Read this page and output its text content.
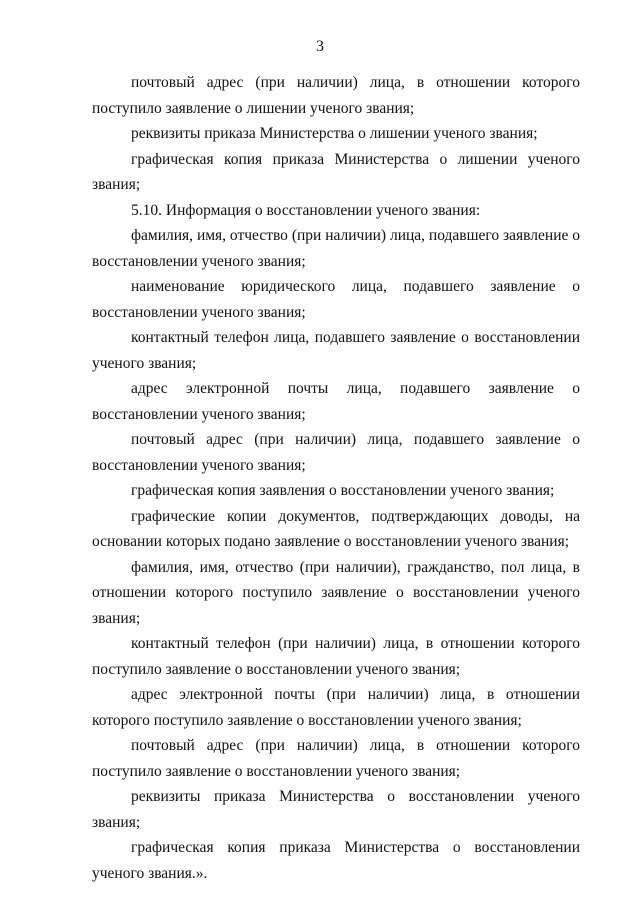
3

почтовый адрес (при наличии) лица, в отношении которого поступило заявление о лишении ученого звания;

реквизиты приказа Министерства о лишении ученого звания;

графическая копия приказа Министерства о лишении ученого звания;

5.10. Информация о восстановлении ученого звания:

фамилия, имя, отчество (при наличии) лица, подавшего заявление о восстановлении ученого звания;

наименование юридического лица, подавшего заявление о восстановлении ученого звания;

контактный телефон лица, подавшего заявление о восстановлении ученого звания;

адрес электронной почты лица, подавшего заявление о восстановлении ученого звания;

почтовый адрес (при наличии) лица, подавшего заявление о восстановлении ученого звания;

графическая копия заявления о восстановлении ученого звания;

графические копии документов, подтверждающих доводы, на основании которых подано заявление о восстановлении ученого звания;

фамилия, имя, отчество (при наличии), гражданство, пол лица, в отношении которого поступило заявление о восстановлении ученого звания;

контактный телефон (при наличии) лица, в отношении которого поступило заявление о восстановлении ученого звания;

адрес электронной почты (при наличии) лица, в отношении которого поступило заявление о восстановлении ученого звания;

почтовый адрес (при наличии) лица, в отношении которого поступило заявление о восстановлении ученого звания;

реквизиты приказа Министерства о восстановлении ученого звания;

графическая копия приказа Министерства о восстановлении ученого звания.».
